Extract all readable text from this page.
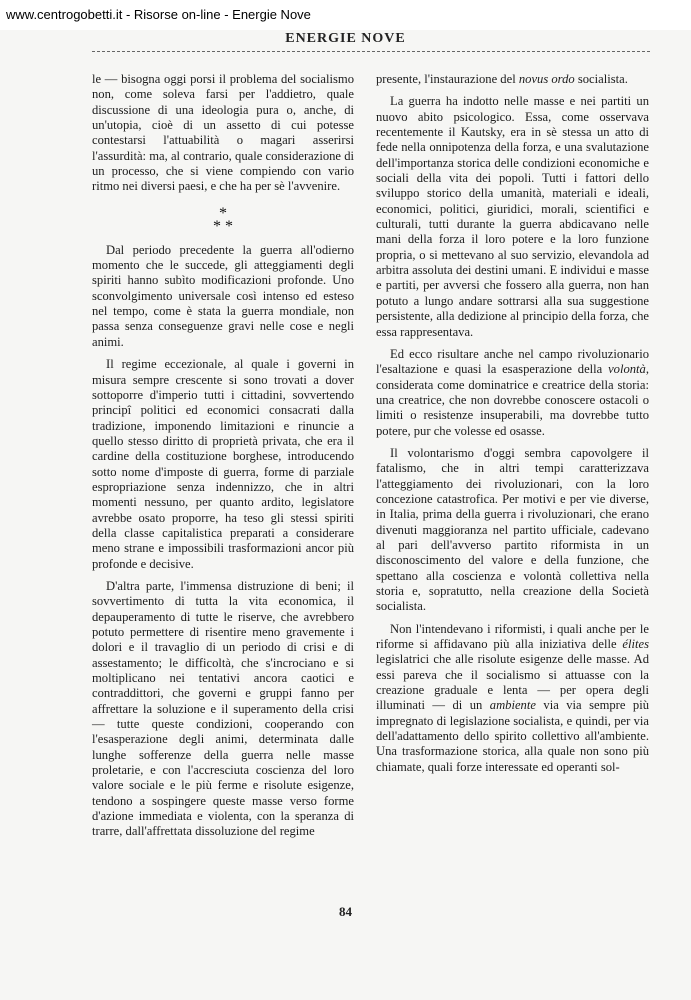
www.centrogobetti.it - Risorse on-line - Energie Nove
ENERGIE NOVE

le — bisogna oggi porsi il problema del socialismo non, come soleva farsi per l'addietro, quale discussione di una ideologia pura o, anche, di un'utopia, cioè di un assetto di cui potesse contestarsi l'attuabilità o magari asserirsi l'assurdità: ma, al contrario, quale considerazione di un processo, che si viene compiendo con vario ritmo nei diversi paesi, e che ha per sè l'avvenire.

*
* *

Dal periodo precedente la guerra all'odierno momento che le succede, gli atteggiamenti degli spiriti hanno subìto modificazioni profonde. Uno sconvolgimento universale così intenso ed esteso nel tempo, come è stata la guerra mondiale, non passa senza conseguenze gravi nelle cose e negli animi.

Il regime eccezionale, al quale i governi in misura sempre crescente si sono trovati a dover sottoporre d'imperio tutti i cittadini, sovvertendo principî politici ed economici consacrati dalla tradizione, imponendo limitazioni e rinuncie a quello stesso diritto di proprietà privata, che era il cardine della costituzione borghese, introducendo sotto nome d'imposte di guerra, forme di parziale espropriazione senza indennizzo, che in altri momenti nessuno, per quanto ardito, legislatore avrebbe osato proporre, ha teso gli stessi spiriti della classe capitalistica preparati a considerare meno strane e impossibili trasformazioni ancor più profonde e decisive.

D'altra parte, l'immensa distruzione di beni; il sovvertimento di tutta la vita economica, il depauperamento di tutte le riserve, che avrebbero potuto permettere di risentire meno gravemente i dolori e il travaglio di un periodo di crisi e di assestamento; le difficoltà, che s'incrociano e si moltiplicano nei tentativi ancora caotici e contraddittori, che governi e gruppi fanno per affrettare la soluzione e il superamento della crisi — tutte queste condizioni, cooperando con l'esasperazione degli animi, determinata dalle lunghe sofferenze della guerra nelle masse proletarie, e con l'accresciuta coscienza del loro valore sociale e le più ferme e risolute esigenze, tendono a sospingere queste masse verso forme d'azione immediata e violenta, con la speranza di trarre, dall'affrettata dissoluzione del regime

presente, l'instaurazione del novus ordo socialista.

La guerra ha indotto nelle masse e nei partiti un nuovo abito psicologico. Essa, come osservava recentemente il Kautsky, era in sè stessa un atto di fede nella onnipotenza della forza, e una svalutazione dell'importanza storica delle condizioni economiche e sociali della vita dei popoli. Tutti i fattori dello sviluppo storico della umanità, materiali e ideali, economici, politici, giuridici, morali, scientifici e culturali, tutti durante la guerra abdicavano nelle mani della forza il loro potere e la loro funzione propria, o si mettevano al suo servizio, elevandola ad arbitra assoluta dei destini umani. E individui e masse e partiti, per avversi che fossero alla guerra, non han potuto a lungo andare sottrarsi alla sua suggestione persistente, alla dedizione al principio della forza, che essa rappresentava.

Ed ecco risultare anche nel campo rivoluzionario l'esaltazione e quasi la esasperazione della volontà, considerata come dominatrice e creatrice della storia: una creatrice, che non dovrebbe conoscere ostacoli o limiti o resistenze insuperabili, ma dovrebbe tutto potere, pur che volesse ed osasse.

Il volontarismo d'oggi sembra capovolgere il fatalismo, che in altri tempi caratterizzava l'atteggiamento dei rivoluzionari, con la loro concezione catastrofica. Per motivi e per vie diverse, in Italia, prima della guerra i rivoluzionari, che erano divenuti maggioranza nel partito ufficiale, cadevano al pari dell'avverso partito riformista in un disconoscimento del valore e della funzione, che spettano alla coscienza e volontà collettiva nella storia e, sopratutto, nella creazione della Società socialista.

Non l'intendevano i riformisti, i quali anche per le riforme si affidavano più alla iniziativa delle élites legislatrici che alle risolute esigenze delle masse. Ad essi pareva che il socialismo si attuasse con la creazione graduale e lenta — per opera degli illuminati — di un ambiente via via sempre più impregnato di legislazione socialista, e quindi, per via dell'adattamento dello spirito collettivo all'ambiente. Una trasformazione storica, alla quale non sono più chiamate, quali forze interessate ed operanti sol-

84
